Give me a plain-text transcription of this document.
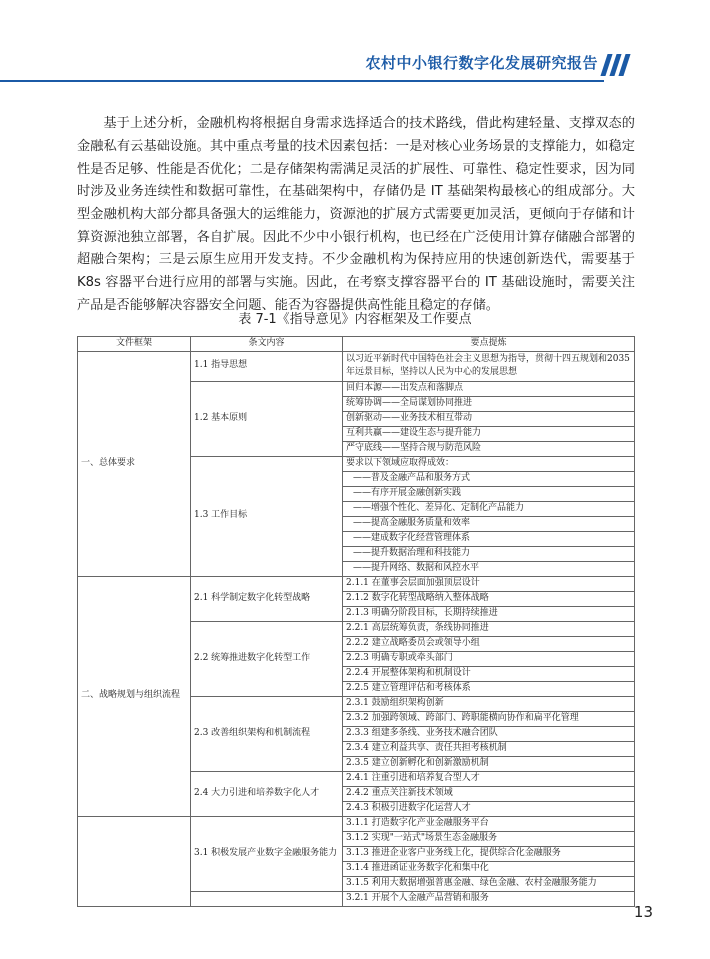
农村中小银行数字化发展研究报告

基于上述分析，金融机构将根据自身需求选择适合的技术路线，借此构建轻量、支撑双态的金融私有云基础设施。其中重点考量的技术因素包括：一是对核心业务场景的支撑能力，如稳定性是否足够、性能是否优化；二是存储架构需满足灵活的扩展性、可靠性、稳定性要求，因为同时涉及业务连续性和数据可靠性，在基础架构中，存储仍是 IT 基础架构最核心的组成部分。大型金融机构大部分都具备强大的运维能力，资源池的扩展方式需要更加灵活，更倾向于存储和计算资源池独立部署，各自扩展。因此不少中小银行机构，也已经在广泛使用计算存储融合部署的超融合架构；三是云原生应用开发支持。不少金融机构为保持应用的快速创新迭代，需要基于 K8s 容器平台进行应用的部署与实施。因此，在考察支撑容器平台的 IT 基础设施时，需要关注产品是否能够解决容器安全问题、能否为容器提供高性能且稳定的存储。

表 7-1《指导意见》内容框架及工作要点
文件框架	条文内容	要点提炼
一、总体要求	1.1 指导思想	以习近平新时代中国特色社会主义思想为指导，贯彻十四五规划和2035年远景目标，坚持以人民为中心的发展思想

	1.2 基本原则	回归本源——出发点和落脚点
		统筹协调——全局谋划协同推进
		创新驱动——业务技术相互带动
		互利共赢——建设生态与提升能力
		严守底线——坚持合规与防范风险
	1.3 工作目标	要求以下领域应取得成效：
		——普及金融产品和服务方式
		——有序开展金融创新实践
		——增强个性化、差异化、定制化产品能力
		——提高金融服务质量和效率
		——建成数字化经营管理体系
		——提升数据治理和科技能力
		——提升网络、数据和风控水平
二、战略规划与组织流程	2.1 科学制定数字化转型战略	2.1.1 在董事会层面加强顶层设计
		2.1.2 数字化转型战略纳入整体战略
		2.1.3 明确分阶段目标，长期持续推进
	2.2 统筹推进数字化转型工作	2.2.1 高层统筹负责，条线协同推进
		2.2.2 建立战略委员会或领导小组
		2.2.3 明确专职或牵头部门
		2.2.4 开展整体架构和机制设计
		2.2.5 建立管理评估和考核体系
	2.3 改善组织架构和机制流程	2.3.1 鼓励组织架构创新
		2.3.2 加强跨领域、跨部门、跨职能横向协作和扁平化管理
		2.3.3 组建多条线、业务技术融合团队
		2.3.4 建立利益共享、责任共担考核机制
		2.3.5 建立创新孵化和创新激励机制
	2.4 大力引进和培养数字化人才	2.4.1 注重引进和培养复合型人才
		2.4.2 重点关注新技术领域
		2.4.3 积极引进数字化运营人才
	3.1 积极发展产业数字金融服务能力	3.1.1 打造数字化产业金融服务平台
		3.1.2 实现"一站式"场景生态金融服务
		3.1.3 推进企业客户业务线上化，提供综合化金融服务
		3.1.4 推进函证业务数字化和集中化
		3.1.5 利用大数据增强普惠金融、绿色金融、农村金融服务能力
		3.2.1 开展个人金融产品营销和服务
13
